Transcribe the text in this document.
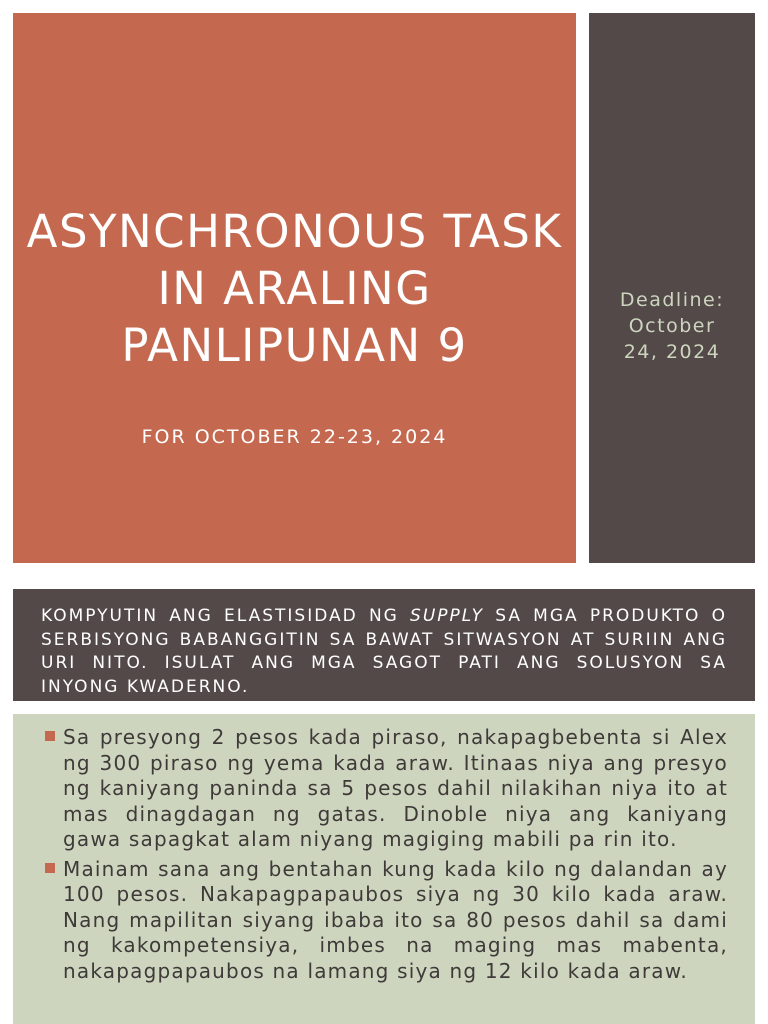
ASYNCHRONOUS TASK IN ARALING PANLIPUNAN 9
FOR OCTOBER 22-23, 2024
Deadline:
October
24, 2024

KOMPYUTIN ANG ELASTISIDAD NG SUPPLY SA MGA PRODUKTO O SERBISYONG BABANGGITIN SA BAWAT SITWASYON AT SURIIN ANG URI NITO. ISULAT ANG MGA SAGOT PATI ANG SOLUSYON SA INYONG KWADERNO.

Sa presyong 2 pesos kada piraso, nakapagbebenta si Alex ng 300 piraso ng yema kada araw. Itinaas niya ang presyo ng kaniyang paninda sa 5 pesos dahil nilakihan niya ito at mas dinagdagan ng gatas. Dinoble niya ang kaniyang gawa sapagkat alam niyang magiging mabili pa rin ito.

Mainam sana ang bentahan kung kada kilo ng dalandan ay 100 pesos. Nakapagpapaubos siya ng 30 kilo kada araw. Nang mapilitan siyang ibaba ito sa 80 pesos dahil sa dami ng kakompetensiya, imbes na maging mas mabenta, nakapagpapaubos na lamang siya ng 12 kilo kada araw.
